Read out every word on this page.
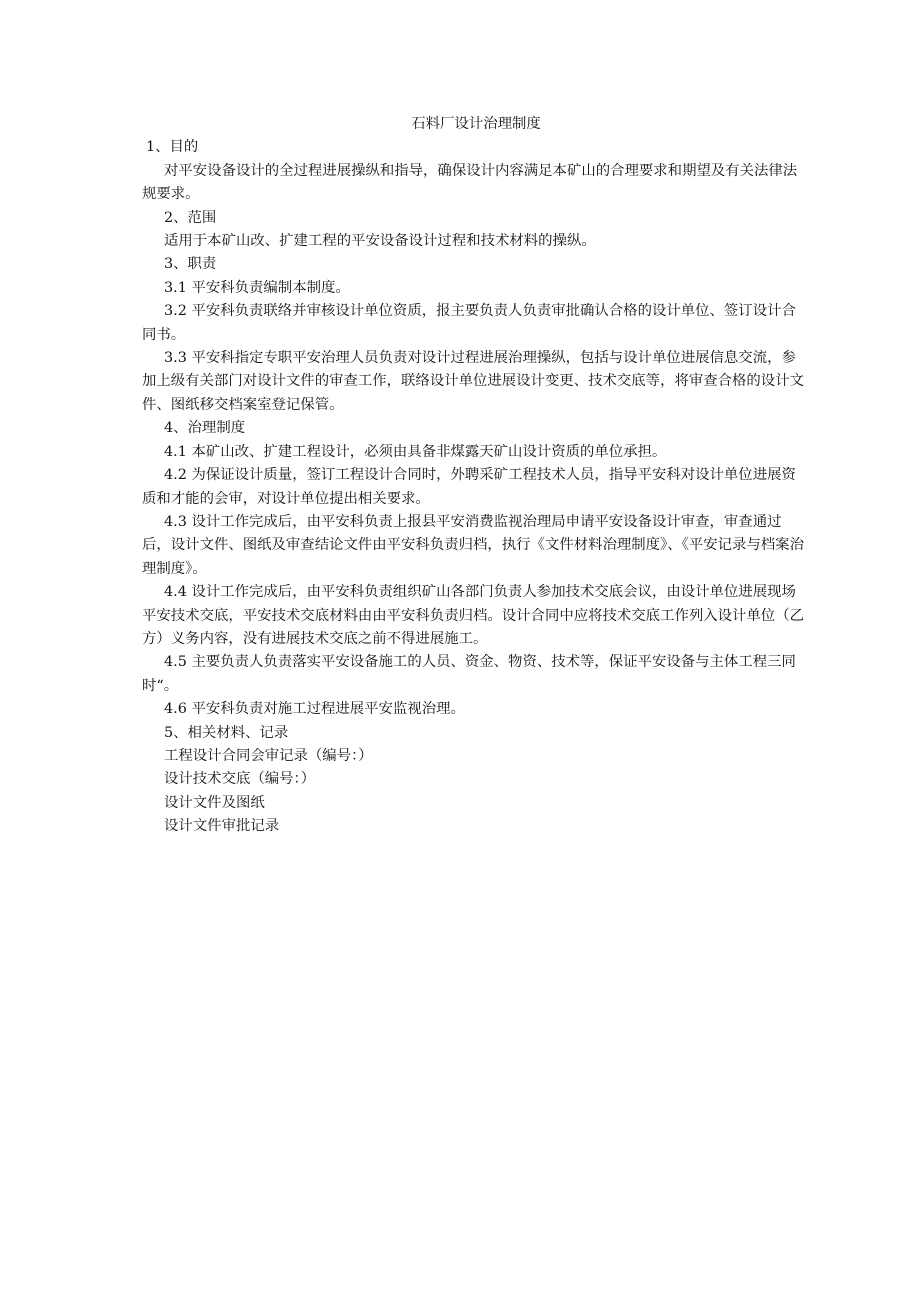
石料厂设计治理制度
1、目的
对平安设备设计的全过程进展操纵和指导，确保设计内容满足本矿山的合理要求和期望及有关法律法规要求。
2、范围
适用于本矿山改、扩建工程的平安设备设计过程和技术材料的操纵。
3、职责
3.1 平安科负责编制本制度。
3.2 平安科负责联络并审核设计单位资质，报主要负责人负责审批确认合格的设计单位、签订设计合同书。
3.3 平安科指定专职平安治理人员负责对设计过程进展治理操纵，包括与设计单位进展信息交流，参加上级有关部门对设计文件的审查工作，联络设计单位进展设计变更、技术交底等，将审查合格的设计文件、图纸移交档案室登记保管。
4、治理制度
4.1 本矿山改、扩建工程设计，必须由具备非煤露天矿山设计资质的单位承担。
4.2 为保证设计质量，签订工程设计合同时，外聘采矿工程技术人员，指导平安科对设计单位进展资质和才能的会审，对设计单位提出相关要求。
4.3 设计工作完成后，由平安科负责上报县平安消费监视治理局申请平安设备设计审查，审查通过后，设计文件、图纸及审查结论文件由平安科负责归档，执行《文件材料治理制度》、《平安记录与档案治理制度》。
4.4 设计工作完成后，由平安科负责组织矿山各部门负责人参加技术交底会议，由设计单位进展现场平安技术交底，平安技术交底材料由由平安科负责归档。设计合同中应将技术交底工作列入设计单位（乙方）义务内容，没有进展技术交底之前不得进展施工。
4.5 主要负责人负责落实平安设备施工的人员、资金、物资、技术等，保证平安设备与主体工程三同时“。
4.6 平安科负责对施工过程进展平安监视治理。
5、相关材料、记录
工程设计合同会审记录（编号：）
设计技术交底（编号：）
设计文件及图纸
设计文件审批记录
